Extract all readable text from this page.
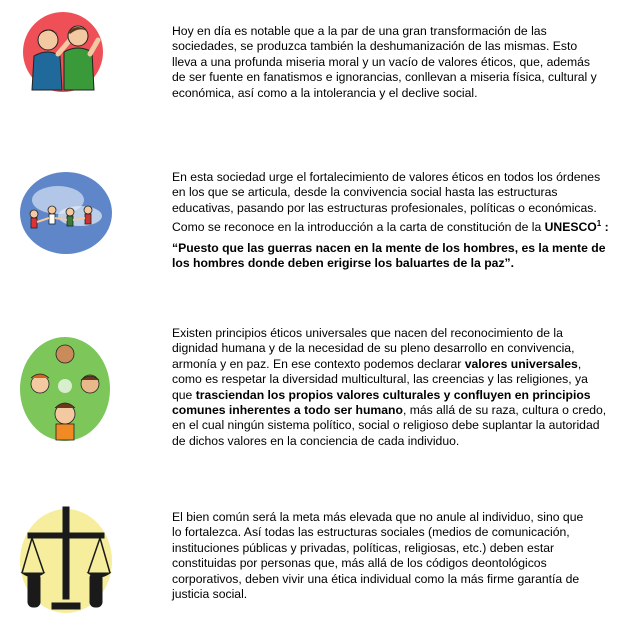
Hoy en día es notable que a la par de una gran transformación de las
sociedades, se produzca también la deshumanización de las mismas. Esto
lleva a una profunda miseria moral y un vacío de valores éticos, que, además
de ser fuente en fanatismos e ignorancias, conllevan a miseria física, cultural y
económica, así como a la intolerancia y el declive social.
En esta sociedad urge el fortalecimiento de valores éticos en todos los órdenes
en los que se articula, desde la convivencia social hasta las estructuras
educativas, pasando por las estructuras profesionales, políticas o económicas.
Como se reconoce en la introducción a la carta de constitución de la UNESCO$^1$ :
“Puesto que las guerras nacen en la mente de los hombres, es la mente de
los hombres donde deben erigirse los baluartes de la paz”.
Existen principios éticos universales que nacen del reconocimiento de la
dignidad humana y de la necesidad de su pleno desarrollo en convivencia,
armonía y en paz. En ese contexto podemos declarar valores universales,
como es respetar la diversidad multicultural, las creencias y las religiones, ya
que trasciendan los propios valores culturales y confluyen en principios
comunes inherentes a todo ser humano, más allá de su raza, cultura o credo,
en el cual ningún sistema político, social o religioso debe suplantar la autoridad
de dichos valores en la conciencia de cada individuo.
El bien común será la meta más elevada que no anule al individuo, sino que
lo fortalezca. Así todas las estructuras sociales (medios de comunicación,
instituciones públicas y privadas, políticas, religiosas, etc.) deben estar
constituidas por personas que, más allá de los códigos deontológicos
corporativos, deben vivir una ética individual como la más firme garantía de
justicia social.
